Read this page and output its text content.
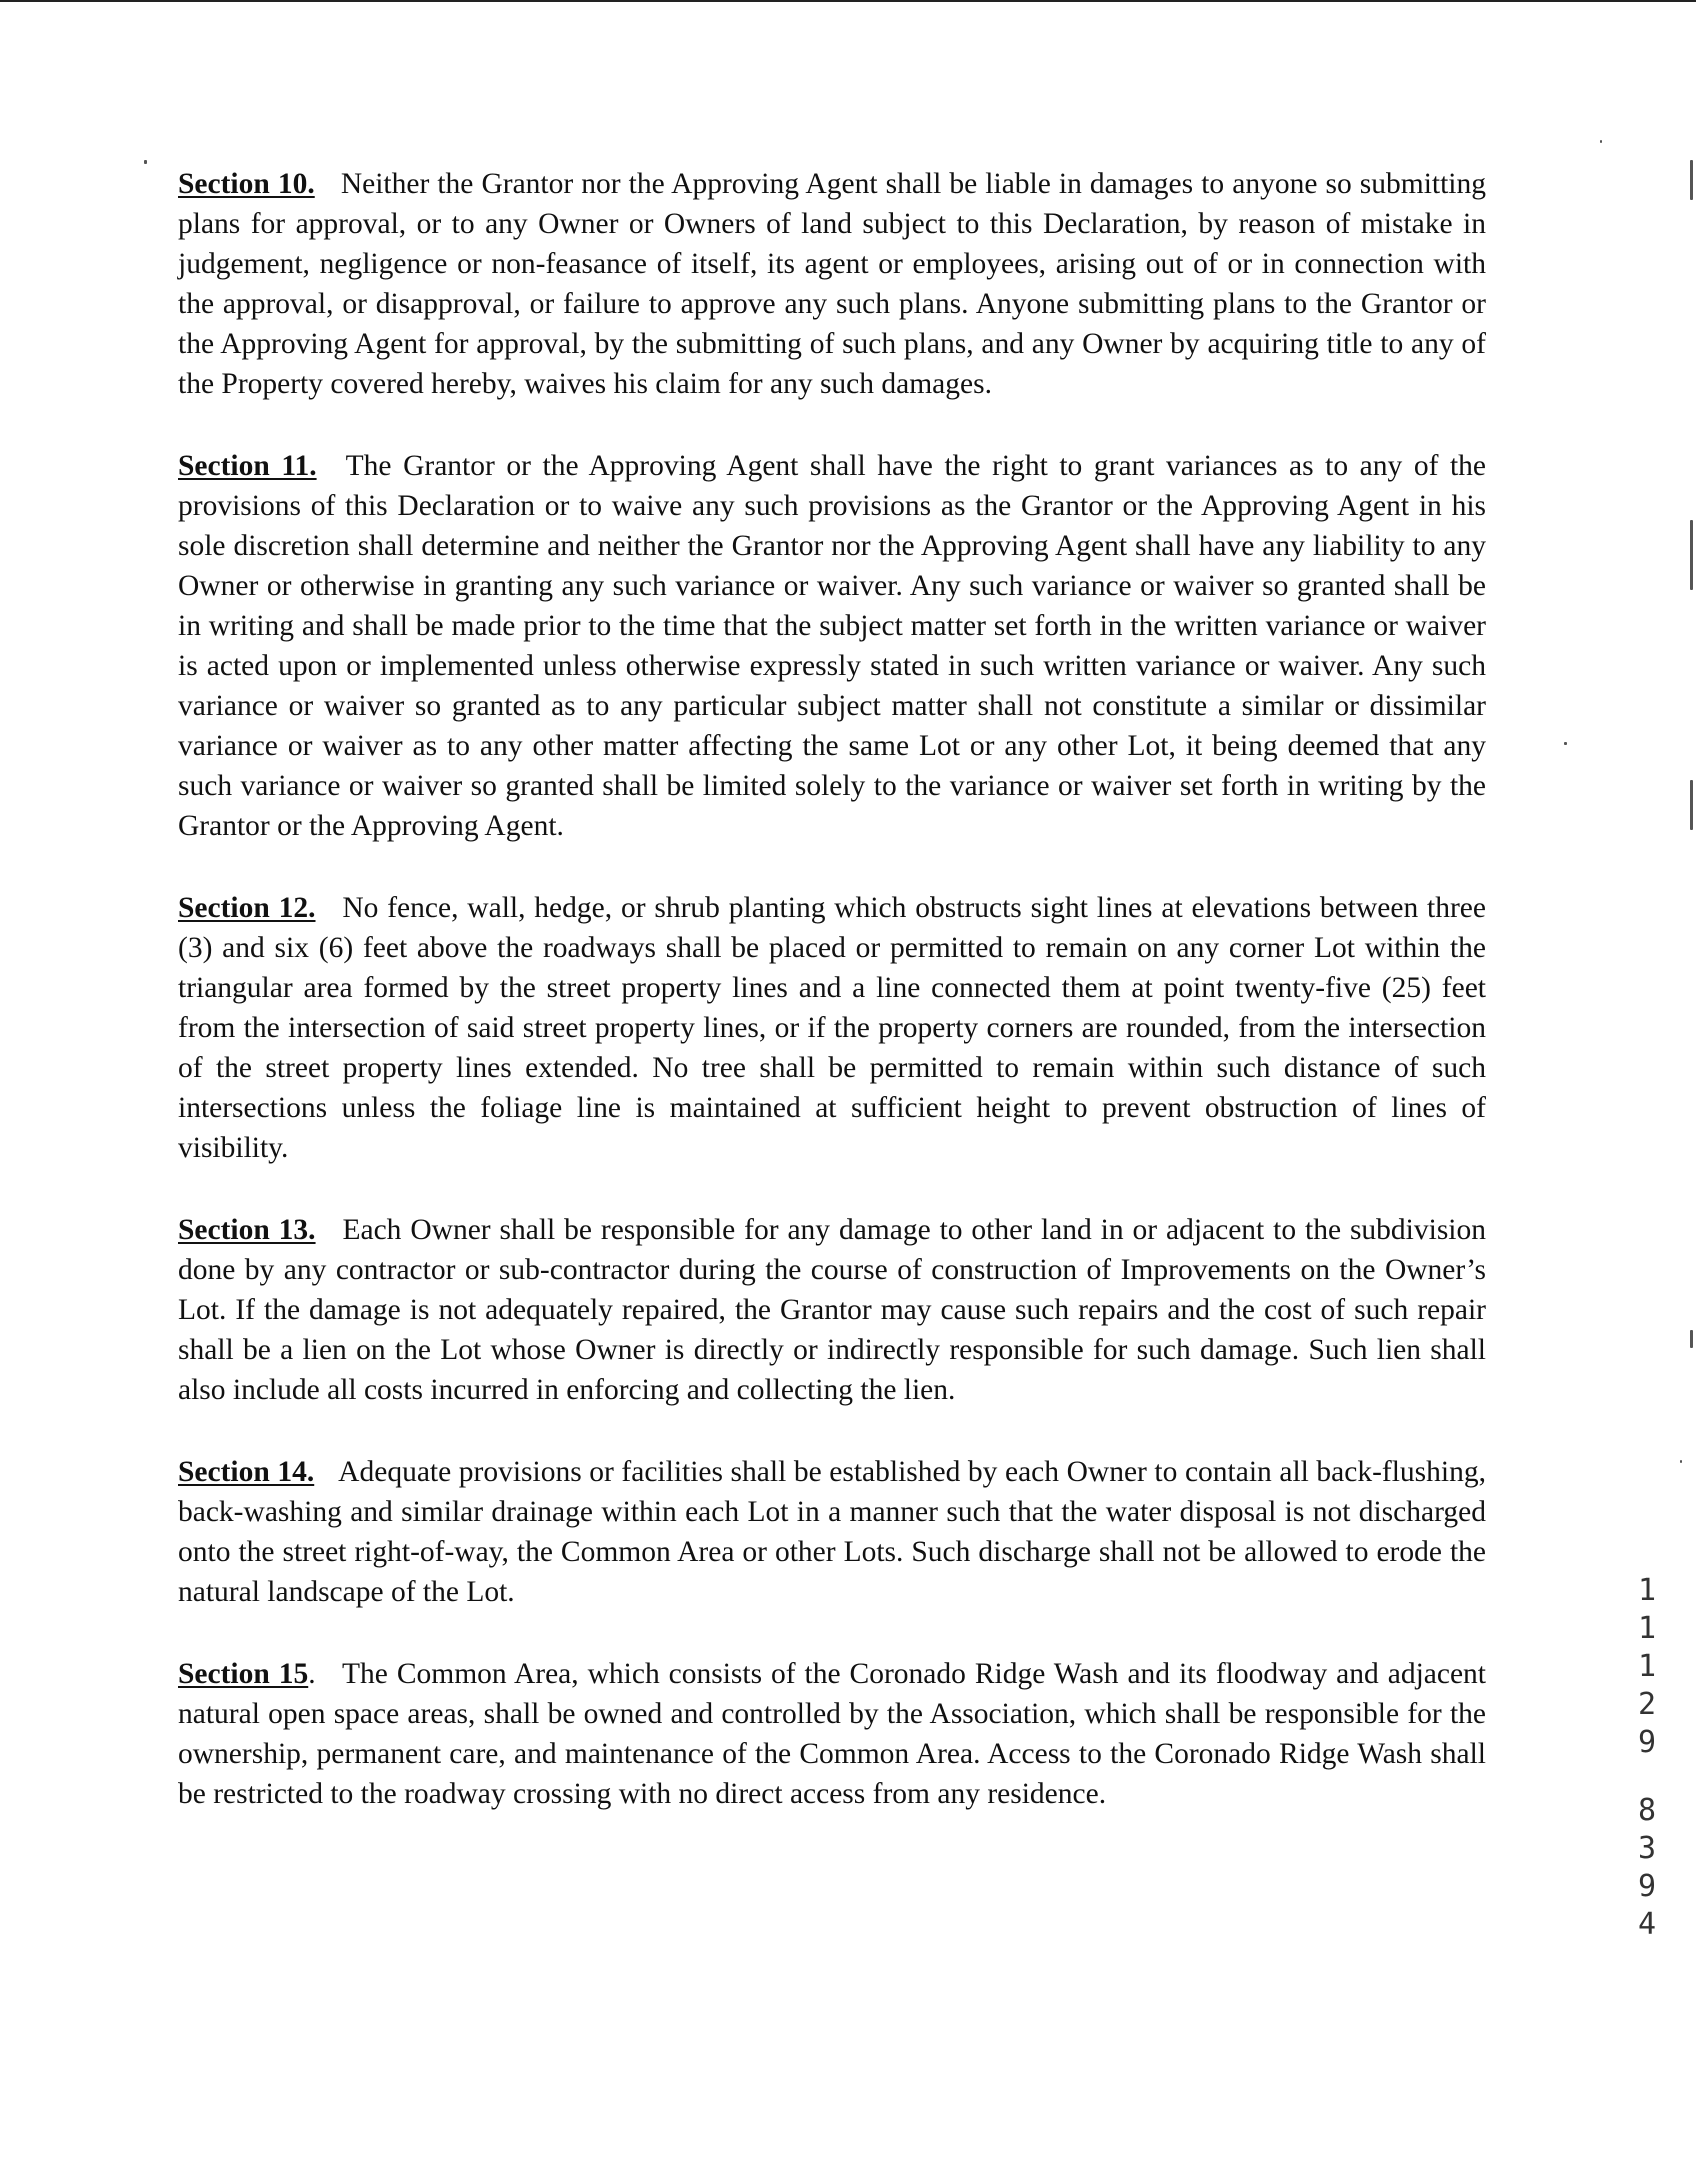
Section 10. Neither the Grantor nor the Approving Agent shall be liable in damages to anyone so submitting plans for approval, or to any Owner or Owners of land subject to this Declaration, by reason of mistake in judgement, negligence or non-feasance of itself, its agent or employees, arising out of or in connection with the approval, or disapproval, or failure to approve any such plans. Anyone submitting plans to the Grantor or the Approving Agent for approval, by the submitting of such plans, and any Owner by acquiring title to any of the Property covered hereby, waives his claim for any such damages.

Section 11. The Grantor or the Approving Agent shall have the right to grant variances as to any of the provisions of this Declaration or to waive any such provisions as the Grantor or the Approving Agent in his sole discretion shall determine and neither the Grantor nor the Approving Agent shall have any liability to any Owner or otherwise in granting any such variance or waiver. Any such variance or waiver so granted shall be in writing and shall be made prior to the time that the subject matter set forth in the written variance or waiver is acted upon or implemented unless otherwise expressly stated in such written variance or waiver. Any such variance or waiver so granted as to any particular subject matter shall not constitute a similar or dissimilar variance or waiver as to any other matter affecting the same Lot or any other Lot, it being deemed that any such variance or waiver so granted shall be limited solely to the variance or waiver set forth in writing by the Grantor or the Approving Agent.

Section 12. No fence, wall, hedge, or shrub planting which obstructs sight lines at elevations between three (3) and six (6) feet above the roadways shall be placed or permitted to remain on any corner Lot within the triangular area formed by the street property lines and a line connected them at point twenty-five (25) feet from the intersection of said street property lines, or if the property corners are rounded, from the intersection of the street property lines extended. No tree shall be permitted to remain within such distance of such intersections unless the foliage line is maintained at sufficient height to prevent obstruction of lines of visibility.

Section 13. Each Owner shall be responsible for any damage to other land in or adjacent to the subdivision done by any contractor or sub-contractor during the course of construction of Improvements on the Owner’s Lot. If the damage is not adequately repaired, the Grantor may cause such repairs and the cost of such repair shall be a lien on the Lot whose Owner is directly or indirectly responsible for such damage. Such lien shall also include all costs incurred in enforcing and collecting the lien.

Section 14. Adequate provisions or facilities shall be established by each Owner to contain all back-flushing, back-washing and similar drainage within each Lot in a manner such that the water disposal is not discharged onto the street right-of-way, the Common Area or other Lots. Such discharge shall not be allowed to erode the natural landscape of the Lot.

Section 15. The Common Area, which consists of the Coronado Ridge Wash and its floodway and adjacent natural open space areas, shall be owned and controlled by the Association, which shall be responsible for the ownership, permanent care, and maintenance of the Common Area. Access to the Coronado Ridge Wash shall be restricted to the roadway crossing with no direct access from any residence.

1
1
1
2
9
8
3
9
4
